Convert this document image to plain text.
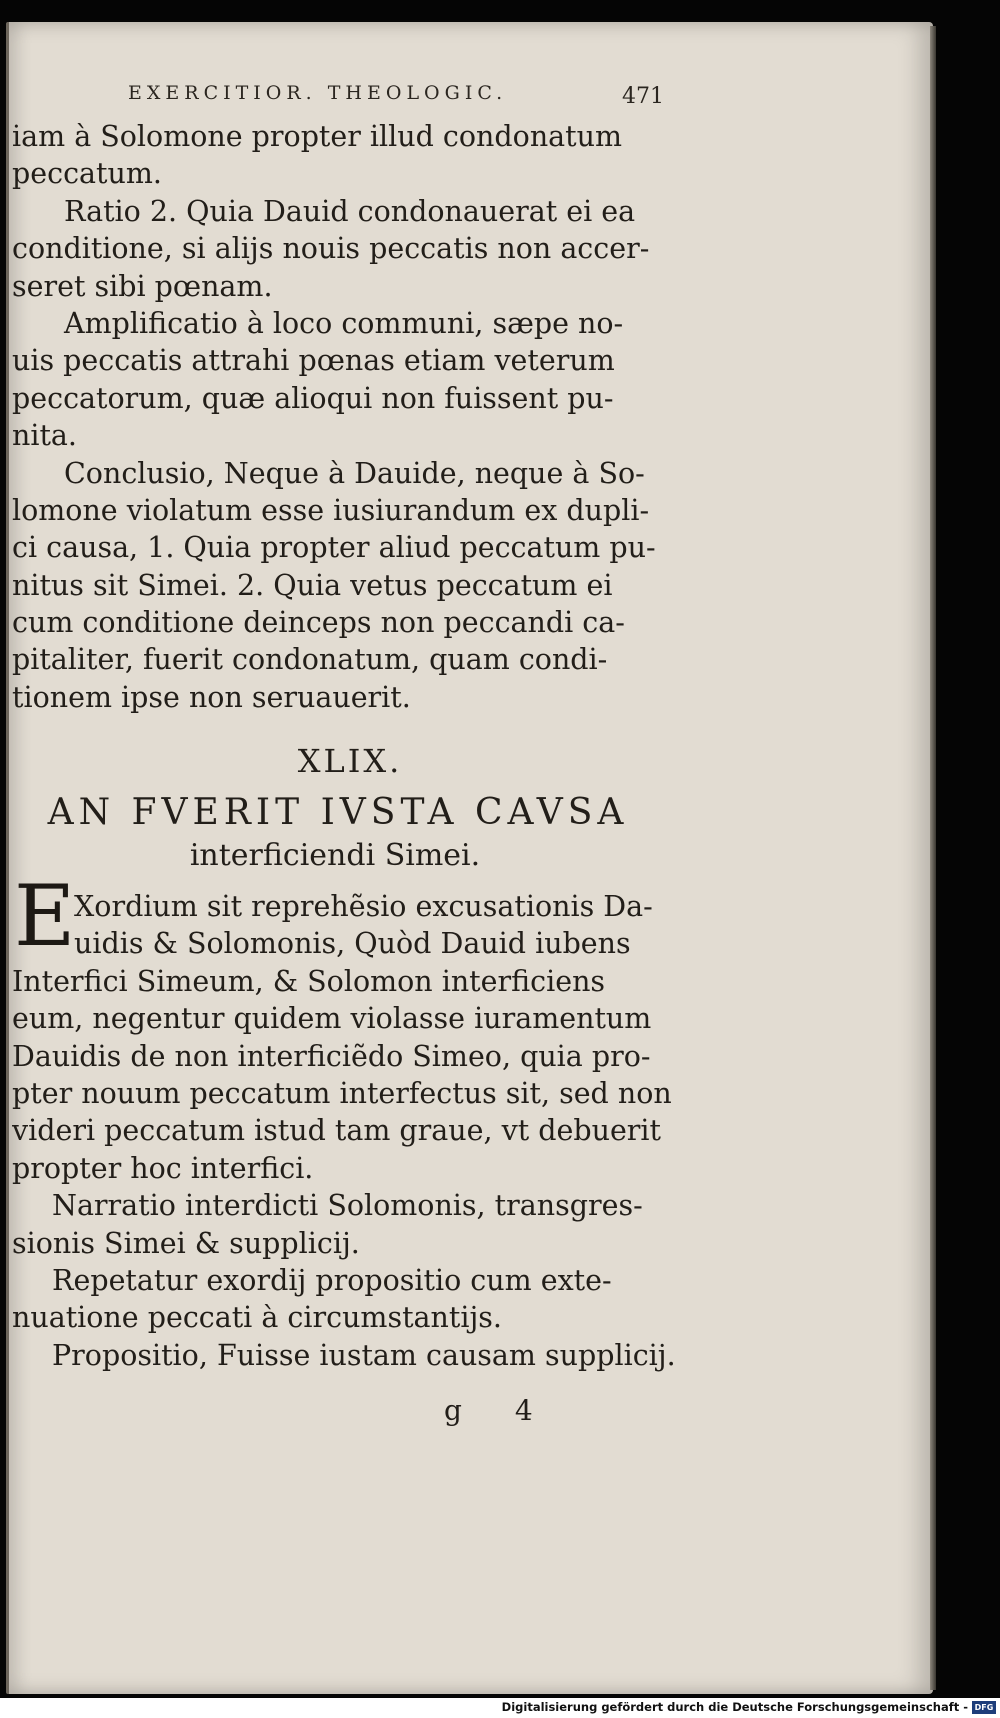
EXERCITIOR. THEOLOGIC.	471
iam à Solomone propter illud condonatum
peccatum.
Ratio 2. Quia Dauid condonauerat ei ea
conditione, si alijs nouis peccatis non accer-
seret sibi pœnam.
Amplificatio à loco communi, sæpe no-
uis peccatis attrahi pœnas etiam veterum
peccatorum, quæ alioqui non fuissent pu-
nita.
Conclusio, Neque à Dauide, neque à So-
lomone violatum esse iusiurandum ex dupli-
ci causa, 1. Quia propter aliud peccatum pu-
nitus sit Simei. 2. Quia vetus peccatum ei
cum conditione deinceps non peccandi ca-
pitaliter, fuerit condonatum, quam condi-
tionem ipse non seruauerit.
XLIX.
AN FVERIT IVSTA CAVSA
interficiendi Simei.
E
Xordium sit reprehẽsio excusationis Da-
uidis & Solomonis, Quòd Dauid iubens
Interfici Simeum, & Solomon interficiens
eum, negentur quidem violasse iuramentum
Dauidis de non interficiẽdo Simeo, quia pro-
pter nouum peccatum interfectus sit, sed non
videri peccatum istud tam graue, vt debuerit
propter hoc interfici.
Narratio interdicti Solomonis, transgres-
sionis Simei & supplicij.
Repetatur exordij propositio cum exte-
nuatione peccati à circumstantijs.
Propositio, Fuisse iustam causam supplicij.
g 4
Digitalisierung gefördert durch die Deutsche Forschungsgemeinschaft - DFG
